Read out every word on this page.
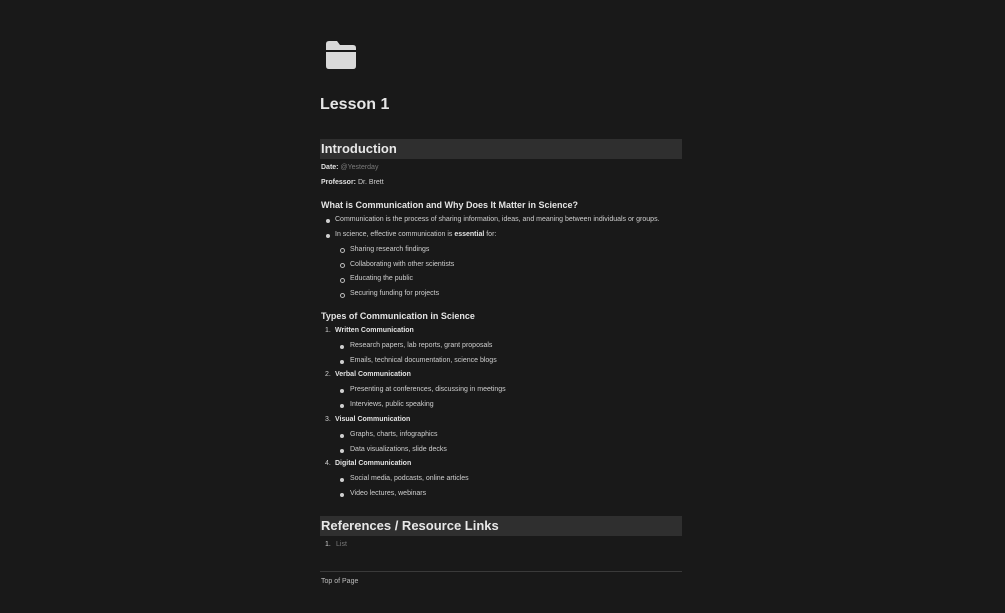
Lesson 1
Introduction
Date: @Yesterday
Professor: Dr. Brett
What is Communication and Why Does It Matter in Science?
Communication is the process of sharing information, ideas, and meaning between individuals or groups.
In science, effective communication is essential for:
Sharing research findings
Collaborating with other scientists
Educating the public
Securing funding for projects
Types of Communication in Science
1. Written Communication
Research papers, lab reports, grant proposals
Emails, technical documentation, science blogs
2. Verbal Communication
Presenting at conferences, discussing in meetings
Interviews, public speaking
3. Visual Communication
Graphs, charts, infographics
Data visualizations, slide decks
4. Digital Communication
Social media, podcasts, online articles
Video lectures, webinars
References / Resource Links
1. List
Top of Page
